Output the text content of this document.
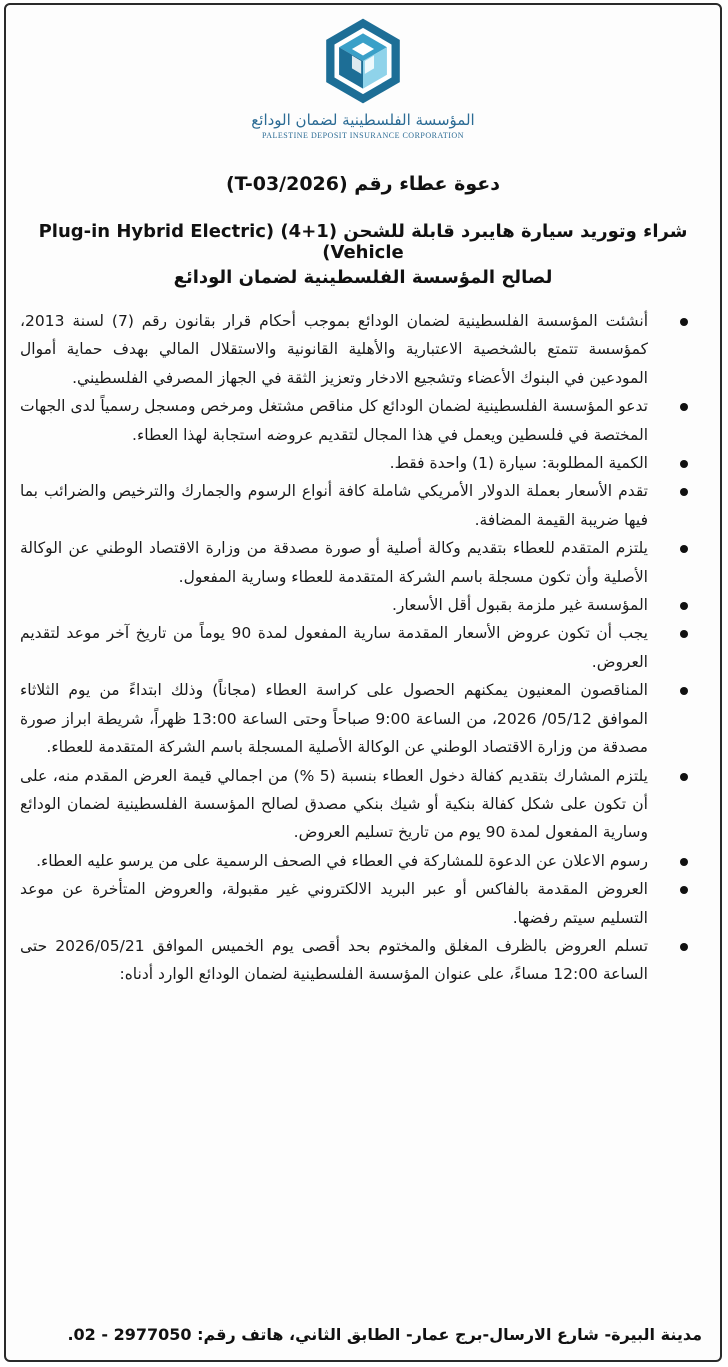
المؤسسة الفلسطينية لضمان الودائع
PALESTINE DEPOSIT INSURANCE CORPORATION
دعوة عطاء رقم (T-03/2026)
شراء وتوريد سيارة هايبرد قابلة للشحن (1+4) (Plug-in Hybrid Electric Vehicle)
لصالح المؤسسة الفلسطينية لضمان الودائع
أنشئت المؤسسة الفلسطينية لضمان الودائع بموجب أحكام قرار بقانون رقم (7) لسنة 2013، كمؤسسة تتمتع بالشخصية الاعتبارية والأهلية القانونية والاستقلال المالي بهدف حماية أموال المودعين في البنوك الأعضاء وتشجيع الادخار وتعزيز الثقة في الجهاز المصرفي الفلسطيني.
تدعو المؤسسة الفلسطينية لضمان الودائع كل مناقص مشتغل ومرخص ومسجل رسمياً لدى الجهات المختصة في فلسطين ويعمل في هذا المجال لتقديم عروضه استجابة لهذا العطاء.
الكمية المطلوبة: سيارة (1) واحدة فقط.
تقدم الأسعار بعملة الدولار الأمريكي شاملة كافة أنواع الرسوم والجمارك والترخيص والضرائب بما فيها ضريبة القيمة المضافة.
يلتزم المتقدم للعطاء بتقديم وكالة أصلية أو صورة مصدقة من وزارة الاقتصاد الوطني عن الوكالة الأصلية وأن تكون مسجلة باسم الشركة المتقدمة للعطاء وسارية المفعول.
المؤسسة غير ملزمة بقبول أقل الأسعار.
يجب أن تكون عروض الأسعار المقدمة سارية المفعول لمدة 90 يوماً من تاريخ آخر موعد لتقديم العروض.
المناقصون المعنيون يمكنهم الحصول على كراسة العطاء (مجاناً) وذلك ابتداءً من يوم الثلاثاء الموافق 05/12/ 2026، من الساعة 9:00 صباحاً وحتى الساعة 13:00 ظهراً، شريطة ابراز صورة مصدقة من وزارة الاقتصاد الوطني عن الوكالة الأصلية المسجلة باسم الشركة المتقدمة للعطاء.
يلتزم المشارك بتقديم كفالة دخول العطاء بنسبة (5 %) من اجمالي قيمة العرض المقدم منه، على أن تكون على شكل كفالة بنكية أو شيك بنكي مصدق لصالح المؤسسة الفلسطينية لضمان الودائع وسارية المفعول لمدة 90 يوم من تاريخ تسليم العروض.
رسوم الاعلان عن الدعوة للمشاركة في العطاء في الصحف الرسمية على من يرسو عليه العطاء.
العروض المقدمة بالفاكس أو عبر البريد الالكتروني غير مقبولة، والعروض المتأخرة عن موعد التسليم سيتم رفضها.
تسلم العروض بالظرف المغلق والمختوم بحد أقصى يوم الخميس الموافق 2026/05/21 حتى الساعة 12:00 مساءً، على عنوان المؤسسة الفلسطينية لضمان الودائع الوارد أدناه:
مدينة البيرة- شارع الارسال-برج عمار- الطابق الثاني، هاتف رقم: 2977050 - 02.
